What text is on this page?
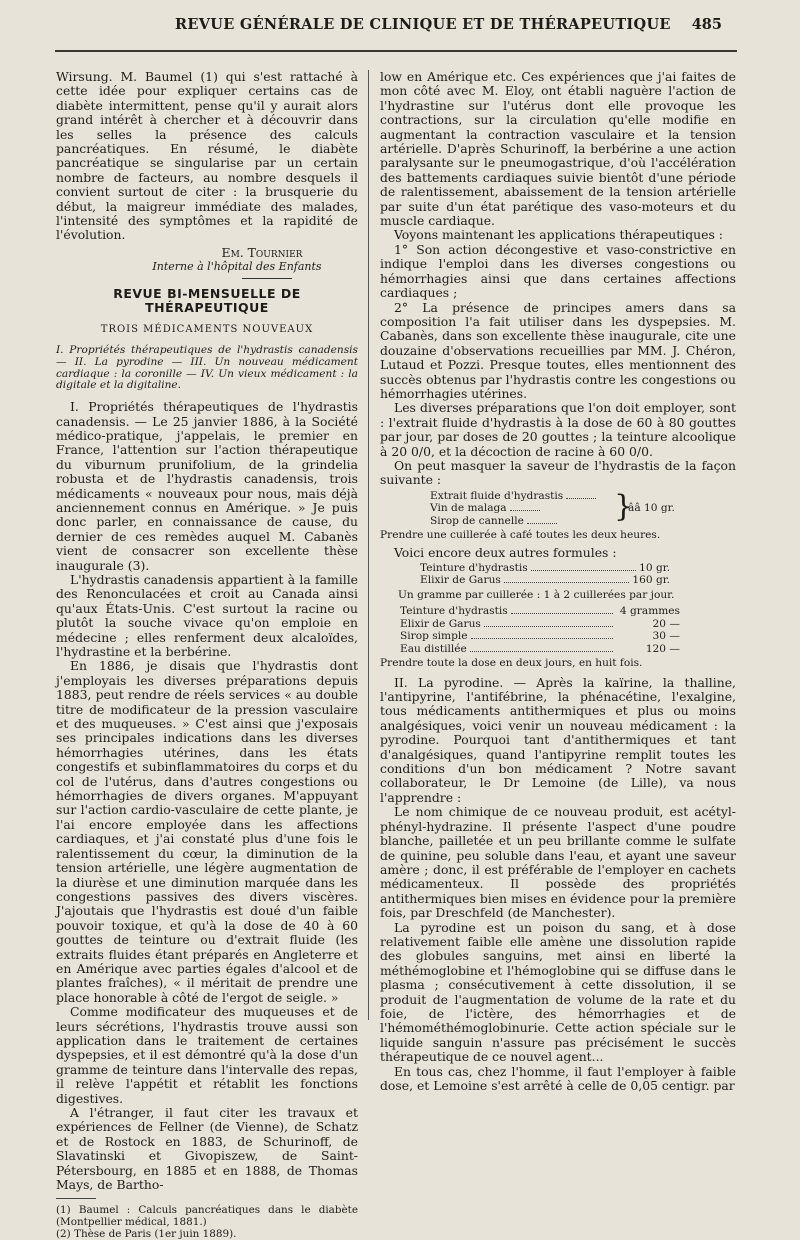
REVUE GÉNÉRALE DE CLINIQUE ET DE THÉRAPEUTIQUE 485

Wirsung. M. Baumel (1) qui s'est rattaché à cette idée pour expliquer certains cas de diabète intermittent, pense qu'il y aurait alors grand intérêt à chercher et à découvrir dans les selles la présence des calculs pancréatiques. En résumé, le diabète pancréatique se singularise par un certain nombre de facteurs, au nombre desquels il convient surtout de citer : la brusquerie du début, la maigreur immédiate des malades, l'intensité des symptômes et la rapidité de l'évolution.

Em. Tournier
Interne à l'hôpital des Enfants
REVUE BI-MENSUELLE DE THÉRAPEUTIQUE
TROIS MÉDICAMENTS NOUVEAUX

I. Propriétés thérapeutiques de l'hydrastis canadensis — II. La pyrodine — III. Un nouveau médicament cardiaque : la coronille — IV. Un vieux médicament : la digitale et la digitaline.

I. Propriétés thérapeutiques de l'hydrastis canadensis. — Le 25 janvier 1886, à la Société médico-pratique, j'appelais, le premier en France, l'attention sur l'action thérapeutique du viburnum prunifolium, de la grindelia robusta et de l'hydrastis canadensis, trois médicaments « nouveaux pour nous, mais déjà anciennement connus en Amérique. » Je puis donc parler, en connaissance de cause, du dernier de ces remèdes auquel M. Cabanès vient de consacrer son excellente thèse inaugurale (3).

L'hydrastis canadensis appartient à la famille des Renonculacées et croit au Canada ainsi qu'aux États-Unis. C'est surtout la racine ou plutôt la souche vivace qu'on emploie en médecine ; elles renferment deux alcaloïdes, l'hydrastine et la berbérine.

En 1886, je disais que l'hydrastis dont j'employais les diverses préparations depuis 1883, peut rendre de réels services « au double titre de modificateur de la pression vasculaire et des muqueuses. » C'est ainsi que j'exposais ses principales indications dans les diverses hémorrhagies utérines, dans les états congestifs et subinflammatoires du corps et du col de l'utérus, dans d'autres congestions ou hémorrhagies de divers organes. M'appuyant sur l'action cardio-vasculaire de cette plante, je l'ai encore employée dans les affections cardiaques, et j'ai constaté plus d'une fois le ralentissement du cœur, la diminution de la tension artérielle, une légère augmentation de la diurèse et une diminution marquée dans les congestions passives des divers viscères. J'ajoutais que l'hydrastis est doué d'un faible pouvoir toxique, et qu'à la dose de 40 à 60 gouttes de teinture ou d'extrait fluide (les extraits fluides étant préparés en Angleterre et en Amérique avec parties égales d'alcool et de plantes fraîches), « il méritait de prendre une place honorable à côté de l'ergot de seigle. »

Comme modificateur des muqueuses et de leurs sécrétions, l'hydrastis trouve aussi son application dans le traitement de certaines dyspepsies, et il est démontré qu'à la dose d'un gramme de teinture dans l'intervalle des repas, il relève l'appétit et rétablit les fonctions digestives.

A l'étranger, il faut citer les travaux et expériences de Fellner (de Vienne), de Schatz et de Rostock en 1883, de Schurinoff, de Slavatinski et Givopiszew, de Saint-Pétersbourg, en 1885 et en 1888, de Thomas Mays, de Bartho-

(1) Baumel : Calculs pancréatiques dans le diabète (Montpellier médical, 1881.)

(2) Thèse de Paris (1er juin 1889).

low en Amérique etc. Ces expériences que j'ai faites de mon côté avec M. Eloy, ont établi naguère l'action de l'hydrastine sur l'utérus dont elle provoque les contractions, sur la circulation qu'elle modifie en augmentant la contraction vasculaire et la tension artérielle. D'après Schurinoff, la berbérine a une action paralysante sur le pneumogastrique, d'où l'accélération des battements cardiaques suivie bientôt d'une période de ralentissement, abaissement de la tension artérielle par suite d'un état parétique des vaso-moteurs et du muscle cardiaque.

Voyons maintenant les applications thérapeutiques :

1° Son action décongestive et vaso-constrictive en indique l'emploi dans les diverses congestions ou hémorrhagies ainsi que dans certaines affections cardiaques ;

2° La présence de principes amers dans sa composition l'a fait utiliser dans les dyspepsies. M. Cabanès, dans son excellente thèse inaugurale, cite une douzaine d'observations recueillies par MM. J. Chéron, Lutaud et Pozzi. Presque toutes, elles mentionnent des succès obtenus par l'hydrastis contre les congestions ou hémorrhagies utérines.

Les diverses préparations que l'on doit employer, sont : l'extrait fluide d'hydrastis à la dose de 60 à 80 gouttes par jour, par doses de 20 gouttes ; la teinture alcoolique à 20 0/0, et la décoction de racine à 60 0/0.

On peut masquer la saveur de l'hydrastis de la façon suivante :

Extrait fluide d'hydrastis
Vin de malaga
Sirop de cannelle	}
ââ 10 gr.

Prendre une cuillerée à café toutes les deux heures.

Voici encore deux autres formules :

Teinture d'hydrastis	10 gr.
Elixir de Garus	160 gr.

Un gramme par cuillerée : 1 à 2 cuillerées par jour.

Teinture d'hydrastis	4 grammes
Elixir de Garus	20 —
Sirop simple	30 —
Eau distillée	120 —

Prendre toute la dose en deux jours, en huit fois.

II. La pyrodine. — Après la kaïrine, la thalline, l'antipyrine, l'antifébrine, la phénacétine, l'exalgine, tous médicaments antithermiques et plus ou moins analgésiques, voici venir un nouveau médicament : la pyrodine. Pourquoi tant d'antithermiques et tant d'analgésiques, quand l'antipyrine remplit toutes les conditions d'un bon médicament ? Notre savant collaborateur, le Dr Lemoine (de Lille), va nous l'apprendre :

Le nom chimique de ce nouveau produit, est acétyl-phényl-hydrazine. Il présente l'aspect d'une poudre blanche, pailletée et un peu brillante comme le sulfate de quinine, peu soluble dans l'eau, et ayant une saveur amère ; donc, il est préférable de l'employer en cachets médicamenteux. Il possède des propriétés antithermiques bien mises en évidence pour la première fois, par Dreschfeld (de Manchester).

La pyrodine est un poison du sang, et à dose relativement faible elle amène une dissolution rapide des globules sanguins, met ainsi en liberté la méthémoglobine et l'hémoglobine qui se diffuse dans le plasma ; consécutivement à cette dissolution, il se produit de l'augmentation de volume de la rate et du foie, de l'ictère, des hémorrhagies et de l'hémométhémoglobinurie. Cette action spéciale sur le liquide sanguin n'assure pas précisément le succès thérapeutique de ce nouvel agent...

En tous cas, chez l'homme, il faut l'employer à faible dose, et Lemoine s'est arrêté à celle de 0,05 centigr. par
